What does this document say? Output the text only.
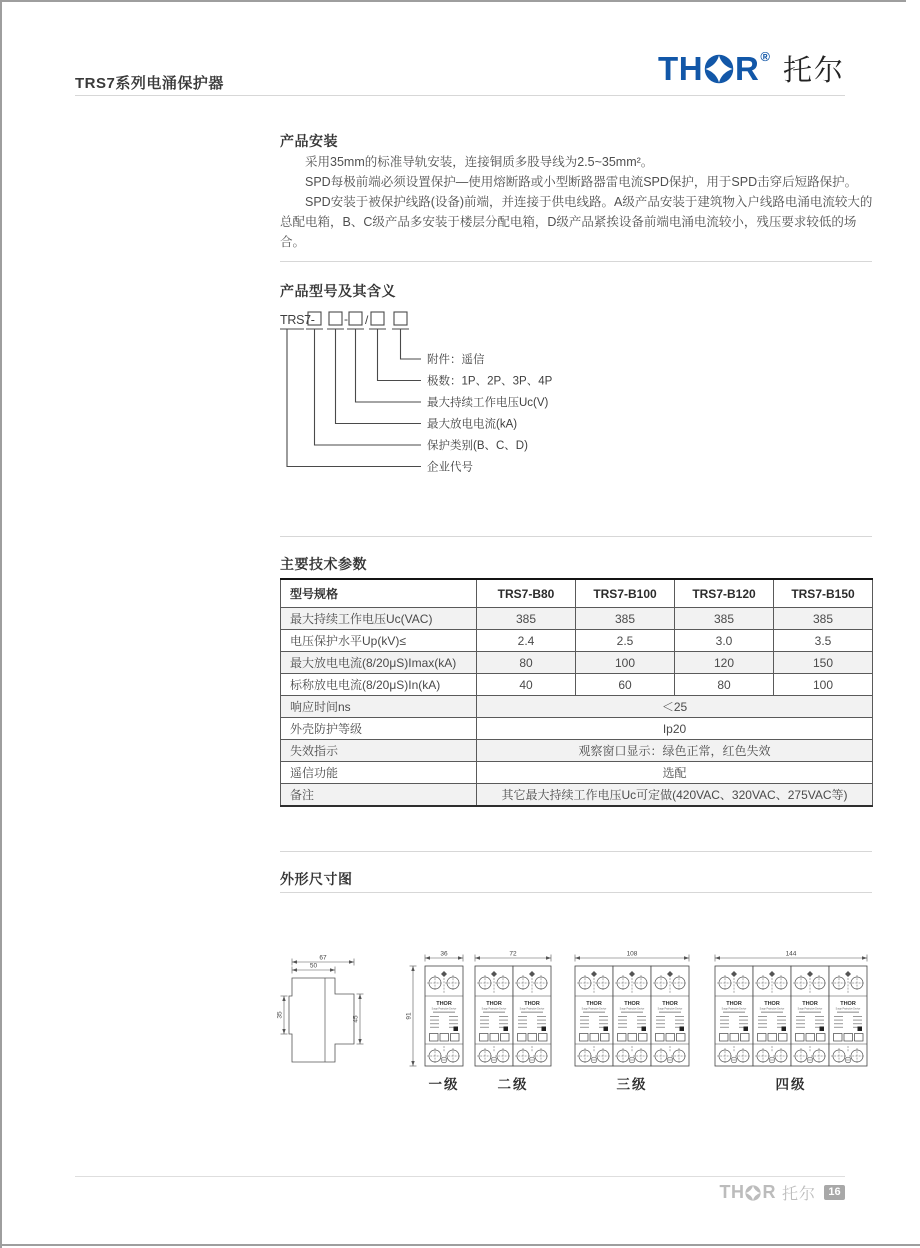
TRS7系列电涌保护器	TH R ® 托尔
产品安装

采用35mm的标准导轨安装，连接铜质多股导线为2.5~35mm²。

SPD每极前端必须设置保护—使用熔断路或小型断路器雷电流SPD保护，用于SPD击穿后短路保护。

SPD安装于被保护线路(设备)前端，并连接于供电线路。A级产品安装于建筑物入户线路电涌电流较大的总配电箱，B、C级产品多安装于楼层分配电箱，D级产品紧挨设备前端电涌电流较小，残压要求较低的场合。

产品型号及其含义
TRS7- - /
附件：遥信
极数：1P、2P、3P、4P
最大持续工作电压Uc(V)
最大放电电流(kA)
保护类别(B、C、D)
企业代号
主要技术参数
型号规格	TRS7-B80	TRS7-B100	TRS7-B120	TRS7-B150
最大持续工作电压Uc(VAC)	385	385	385	385
电压保护水平Up(kV)≤	2.4	2.5	3.0	3.5
最大放电电流(8/20μS)Imax(kA)	80	100	120	150
标称放电电流(8/20μS)In(kA)	40	60	80	100
响应时间ns	＜25			
外壳防护等级	Ip20			
失效指示	观察窗口显示：绿色正常，红色失效			
遥信功能	选配			
备注	其它最大持续工作电压Uc可定做(420VAC、320VAC、275VAC等)			
外形尺寸图
67
50
35
45
36
THOR
Surge Protective Device
一级
91
72
THOR
Surge Protective Device
THOR
Surge Protective Device
二级
108
THOR
Surge Protective Device
THOR
Surge Protective Device
THOR
Surge Protective Device
三级
144
THOR
Surge Protective Device
THOR
Surge Protective Device
THOR
Surge Protective Device
THOR
Surge Protective Device
四级
TH R 托尔	16
